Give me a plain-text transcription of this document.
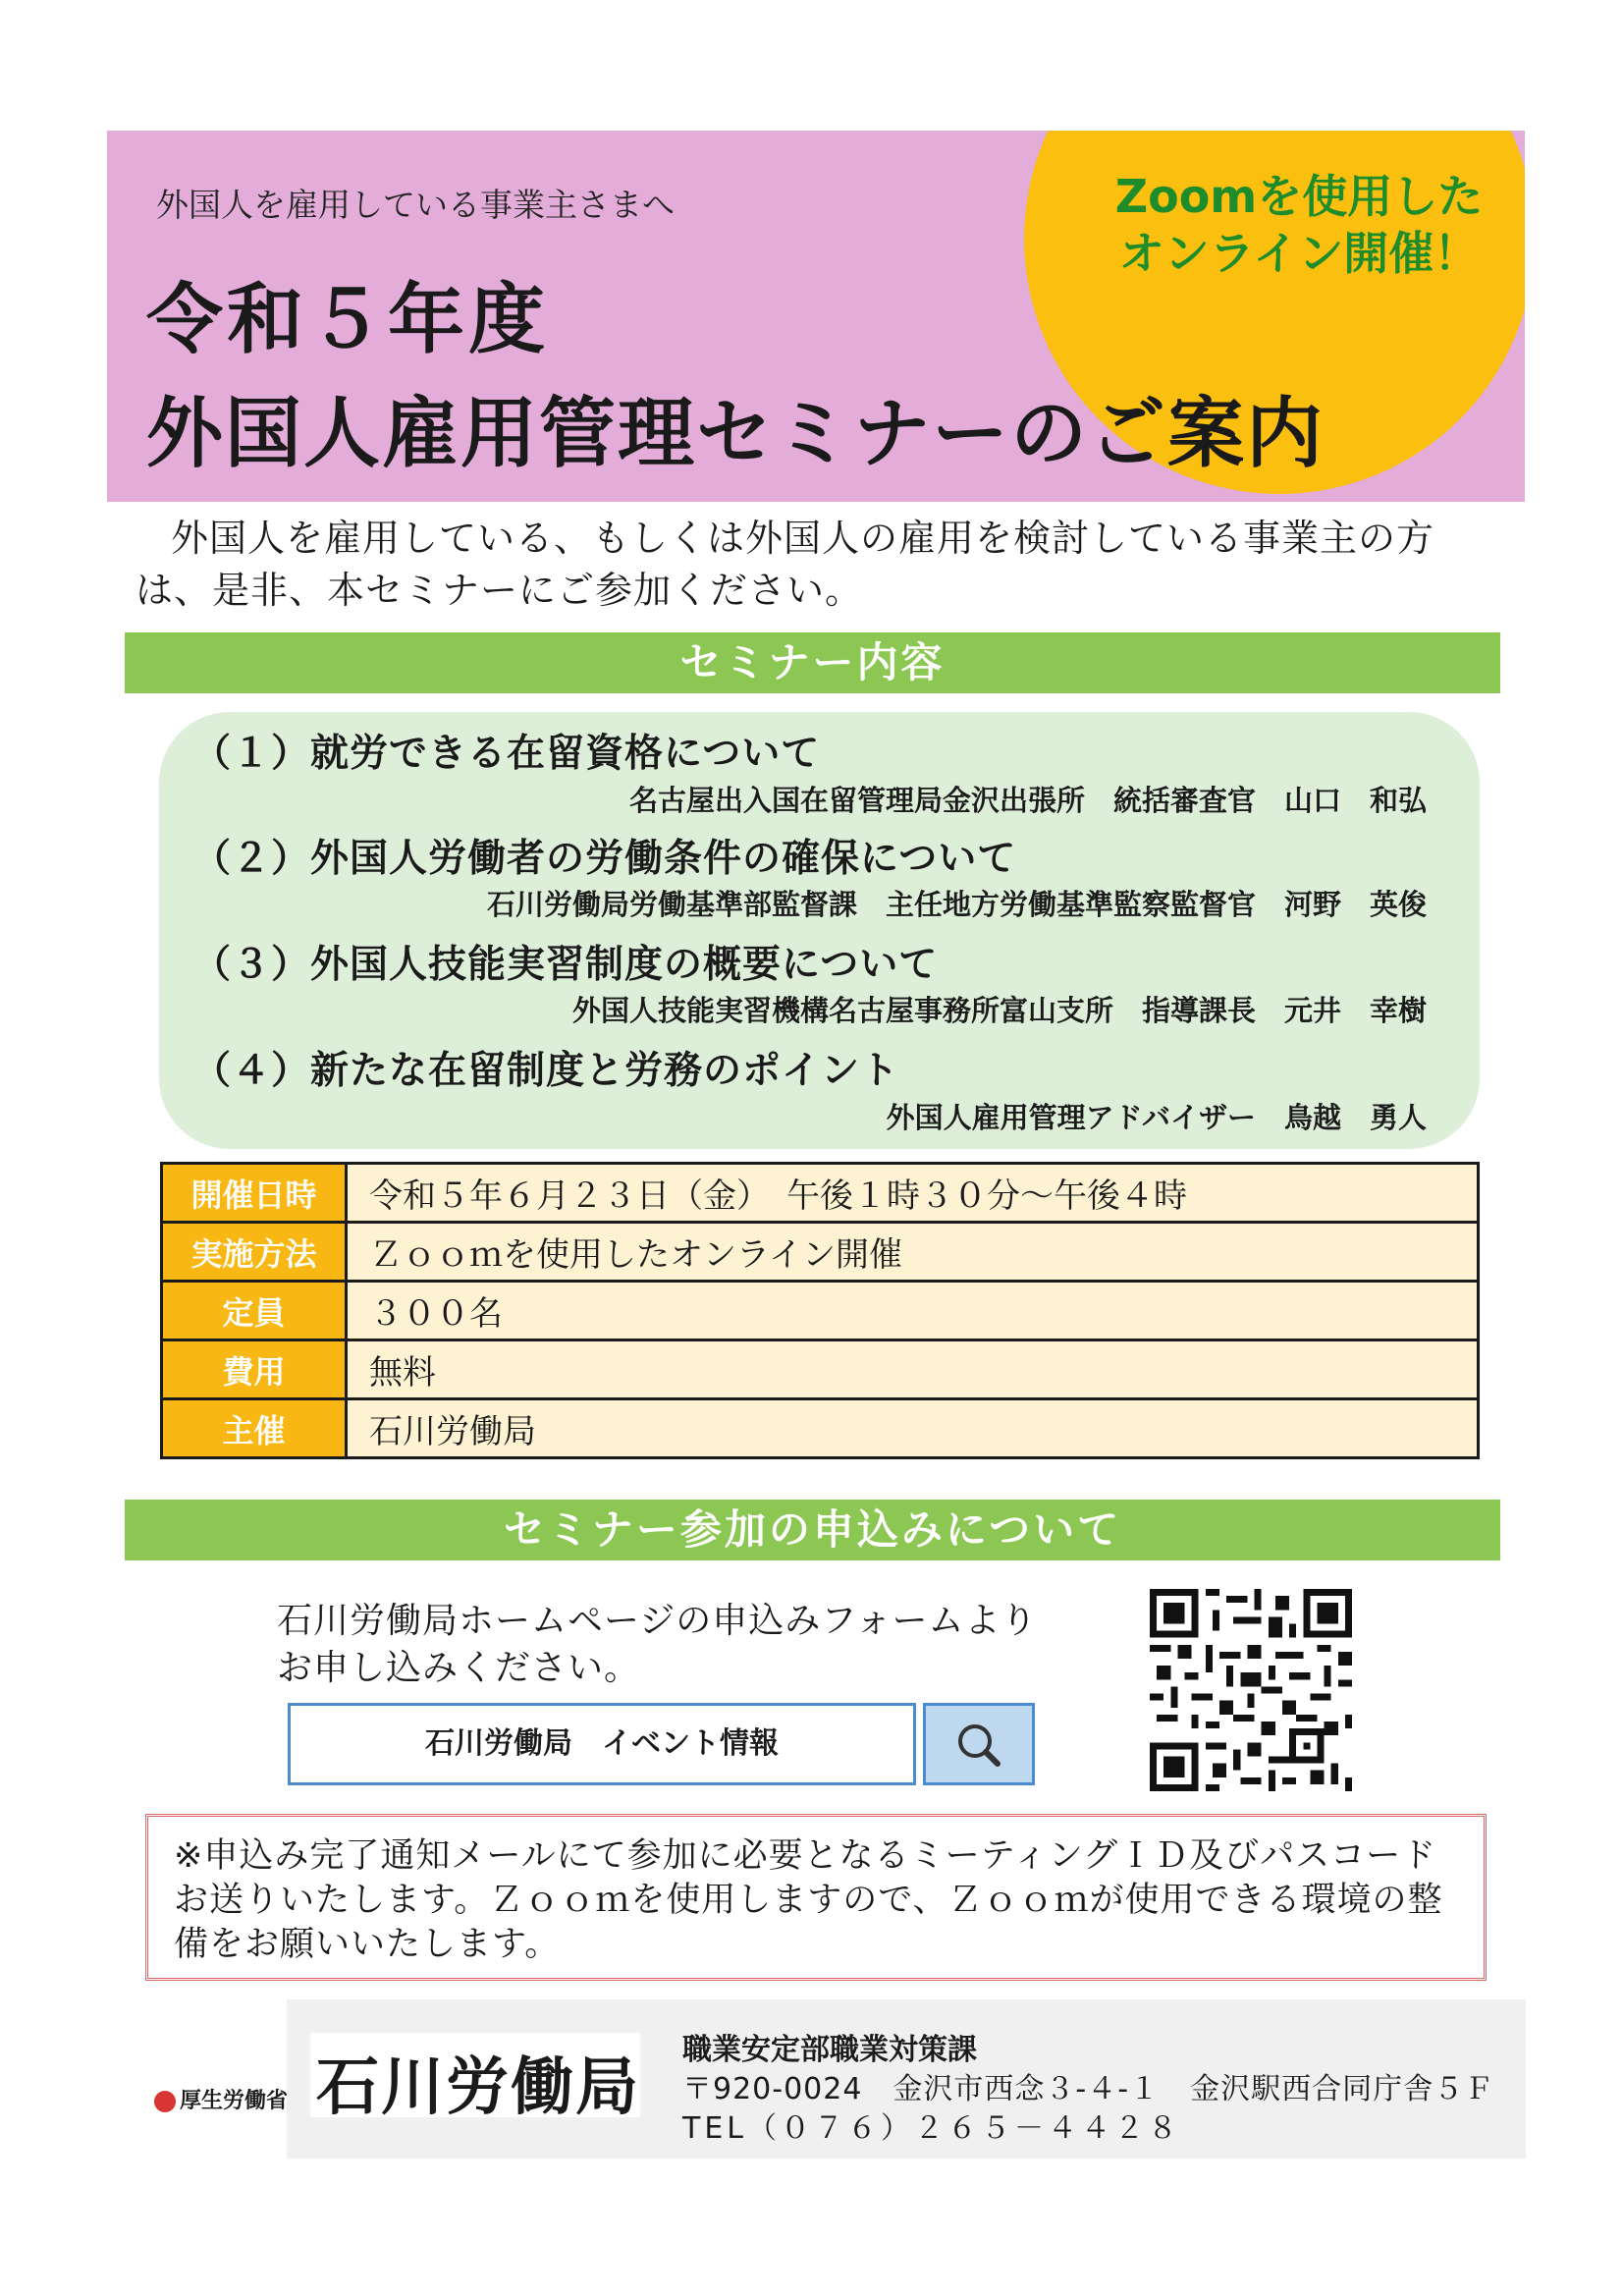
Zoomを使用した
オンライン開催！
外国人を雇用している事業主さまへ
令和５年度
外国人雇用管理セミナーのご案内
外国人を雇用している、もしくは外国人の雇用を検討している事業主の方は、是非、本セミナーにご参加ください。
セミナー内容
（１）就労できる在留資格について
名古屋出入国在留管理局金沢出張所　統括審査官　山口　和弘
（２）外国人労働者の労働条件の確保について
石川労働局労働基準部監督課　主任地方労働基準監察監督官　河野　英俊
（３）外国人技能実習制度の概要について
外国人技能実習機構名古屋事務所富山支所　指導課長　元井　幸樹
（４）新たな在留制度と労務のポイント
外国人雇用管理アドバイザー　鳥越　勇人
開催日時	令和５年６月２３日（金）　午後１時３０分～午後４時
実施方法	Ｚｏｏｍを使用したオンライン開催
定員	３００名
費用	無料
主催	石川労働局
セミナー参加の申込みについて
石川労働局ホームページの申込みフォームより
お申し込みください。
石川労働局　イベント情報
※申込み完了通知メールにて参加に必要となるミーティングＩＤ及びパスコードお送りいたします。Ｚｏｏｍを使用しますので、Ｚｏｏｍが使用できる環境の整備をお願いいたします。
厚生労働省 石川労働局
職業安定部職業対策課
〒920-0024　金沢市西念３-４-１　金沢駅西合同庁舎５Ｆ
TEL（０７６）２６５－４４２８
